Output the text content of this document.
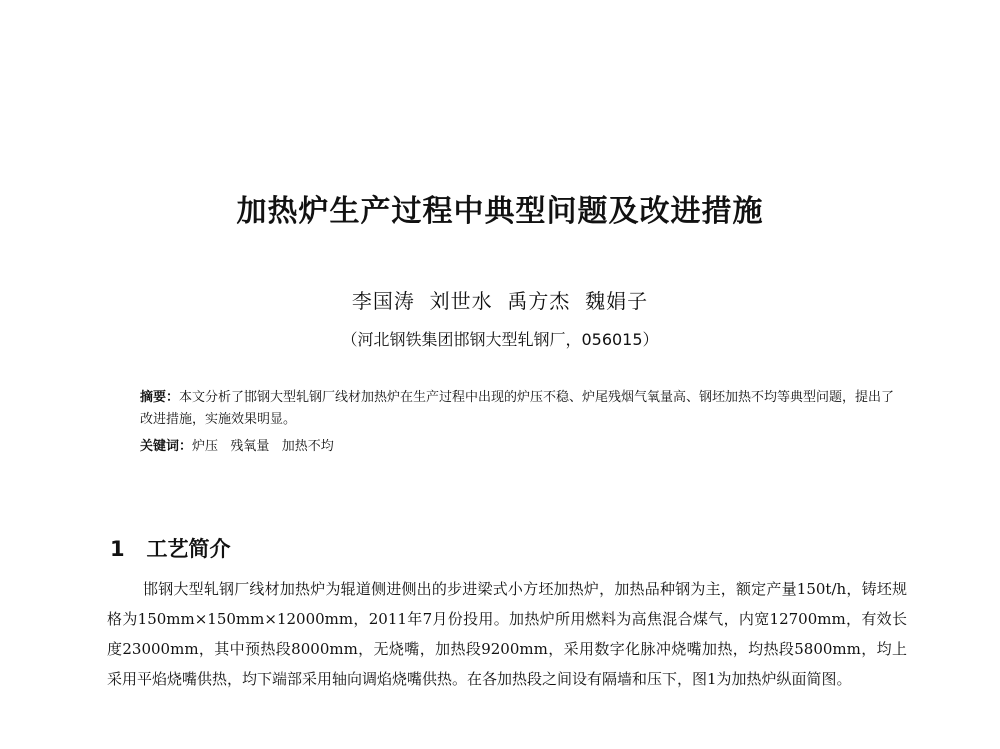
加热炉生产过程中典型问题及改进措施
李国涛  刘世水  禹方杰  魏娟子
（河北钢铁集团邯钢大型轧钢厂，056015）
摘要：本文分析了邯钢大型轧钢厂线材加热炉在生产过程中出现的炉压不稳、炉尾残烟气氧量高、钢坯加热不均等典型问题，提出了改进措施，实施效果明显。
关键词：炉压   残氧量   加热不均
1   工艺简介

邯钢大型轧钢厂线材加热炉为辊道侧进侧出的步进梁式小方坯加热炉，加热品种钢为主，额定产量150t/h，铸坯规格为150mm×150mm×12000mm，2011年7月份投用。加热炉所用燃料为高焦混合煤气，内宽12700mm，有效长度23000mm，其中预热段8000mm，无烧嘴，加热段9200mm，采用数字化脉冲烧嘴加热，均热段5800mm，均上采用平焰烧嘴供热，均下端部采用轴向调焰烧嘴供热。在各加热段之间设有隔墙和压下，图1为加热炉纵面简图。
